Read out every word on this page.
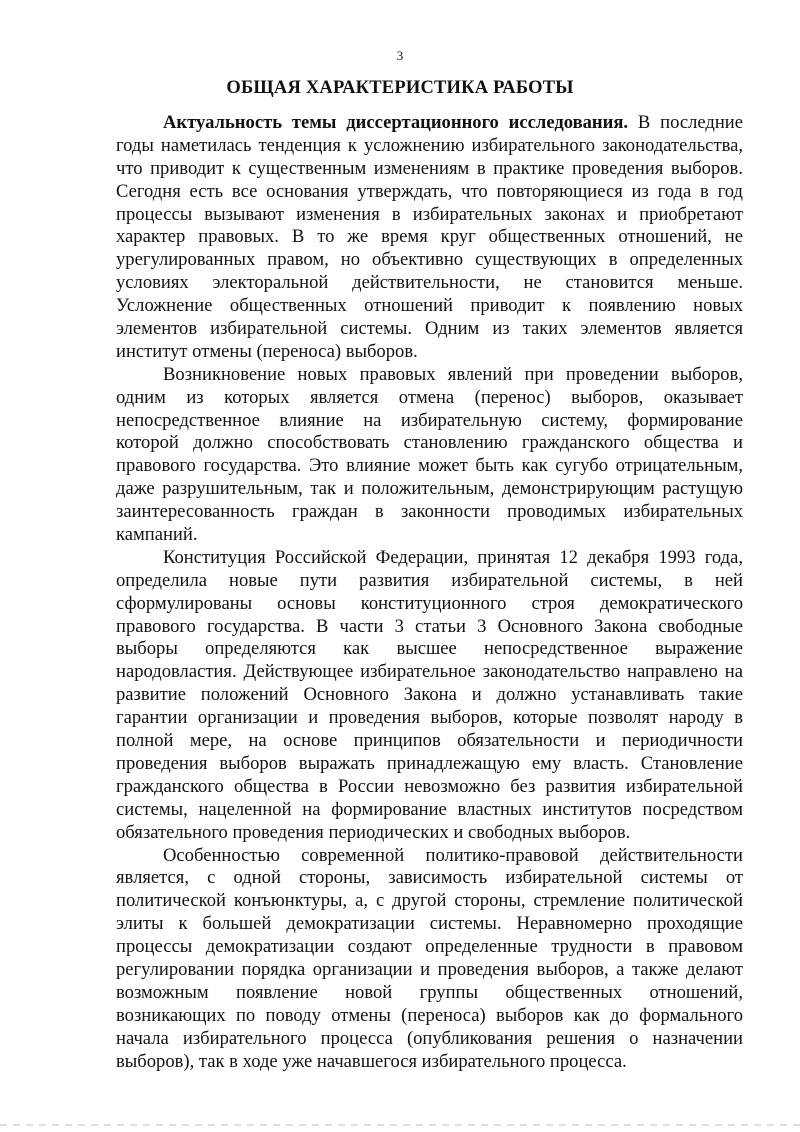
3
ОБЩАЯ ХАРАКТЕРИСТИКА РАБОТЫ
Актуальность темы диссертационного исследования. В последние
годы наметилась тенденция к усложнению избирательного законодательства,
что приводит к существенным изменениям в практике проведения выборов.
Сегодня есть все основания утверждать, что повторяющиеся из года в год
процессы вызывают изменения в избирательных законах и приобретают
характер правовых. В то же время круг общественных отношений, не
урегулированных правом, но объективно существующих в определенных
условиях электоральной действительности, не становится меньше.
Усложнение общественных отношений приводит к появлению новых
элементов избирательной системы. Одним из таких элементов является
институт отмены (переноса) выборов.
Возникновение новых правовых явлений при проведении выборов,
одним из которых является отмена (перенос) выборов, оказывает
непосредственное влияние на избирательную систему, формирование
которой должно способствовать становлению гражданского общества и
правового государства. Это влияние может быть как сугубо отрицательным,
даже разрушительным, так и положительным, демонстрирующим растущую
заинтересованность граждан в законности проводимых избирательных
кампаний.
Конституция Российской Федерации, принятая 12 декабря 1993 года,
определила новые пути развития избирательной системы, в ней
сформулированы основы конституционного строя демократического
правового государства. В части 3 статьи 3 Основного Закона свободные
выборы определяются как высшее непосредственное выражение
народовластия. Действующее избирательное законодательство направлено на
развитие положений Основного Закона и должно устанавливать такие
гарантии организации и проведения выборов, которые позволят народу в
полной мере, на основе принципов обязательности и периодичности
проведения выборов выражать принадлежащую ему власть. Становление
гражданского общества в России невозможно без развития избирательной
системы, нацеленной на формирование властных институтов посредством
обязательного проведения периодических и свободных выборов.
Особенностью современной политико-правовой действительности
является, с одной стороны, зависимость избирательной системы от
политической конъюнктуры, а, с другой стороны, стремление политической
элиты к большей демократизации системы. Неравномерно проходящие
процессы демократизации создают определенные трудности в правовом
регулировании порядка организации и проведения выборов, а также делают
возможным появление новой группы общественных отношений,
возникающих по поводу отмены (переноса) выборов как до формального
начала избирательного процесса (опубликования решения о назначении
выборов), так в ходе уже начавшегося избирательного процесса.
